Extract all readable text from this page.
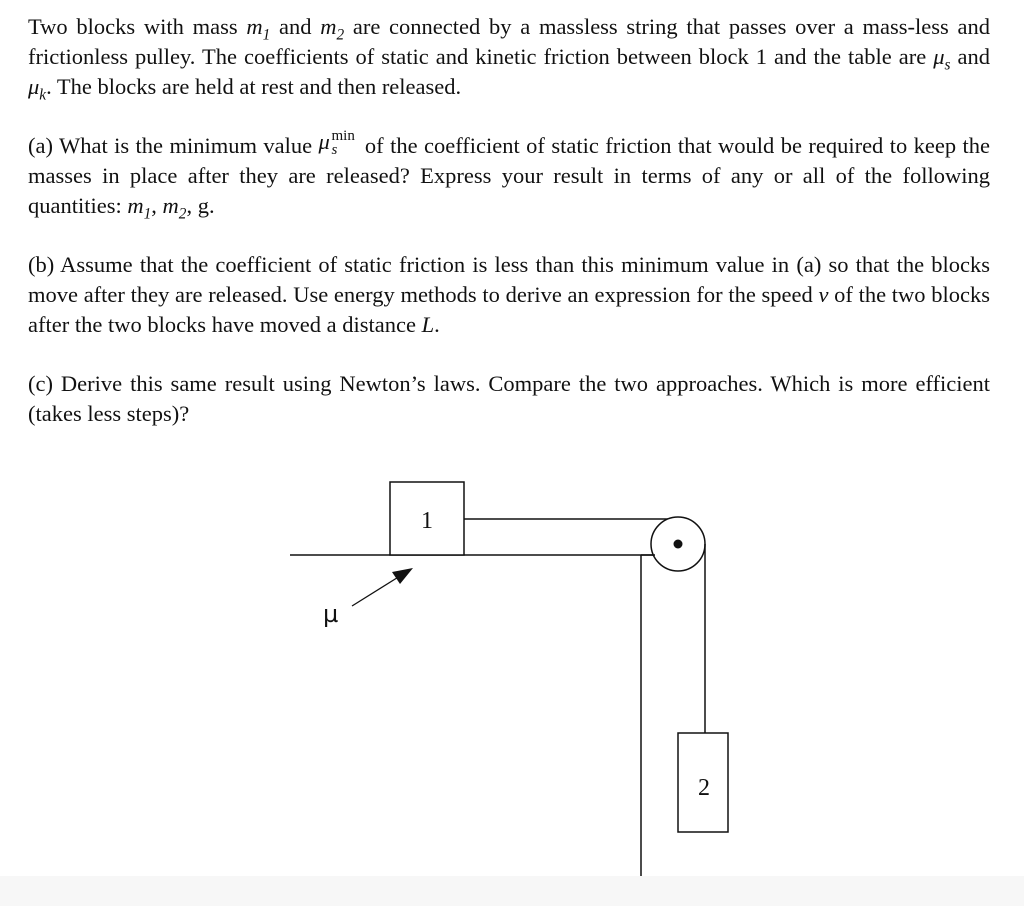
Two blocks with mass $m_1$ and $m_2$ are connected by a massless string that passes over a mass-less and frictionless pulley. The coefficients of static and kinetic friction between block 1 and the table are $\mu_s$ and $\mu_k$. The blocks are held at rest and then released.

(a) What is the minimum value μ min
s of the coefficient of static friction that would be required to keep the masses in place after they are released? Express your result in terms of any or all of the following quantities: $m_1$, $m_2$, g.

(b) Assume that the coefficient of static friction is less than this minimum value in (a) so that the blocks move after they are released. Use energy methods to derive an expression for the speed v of the two blocks after the two blocks have moved a distance L.

(c) Derive this same result using Newton’s laws. Compare the two approaches. Which is more efficient (takes less steps)?

1
2
µ
